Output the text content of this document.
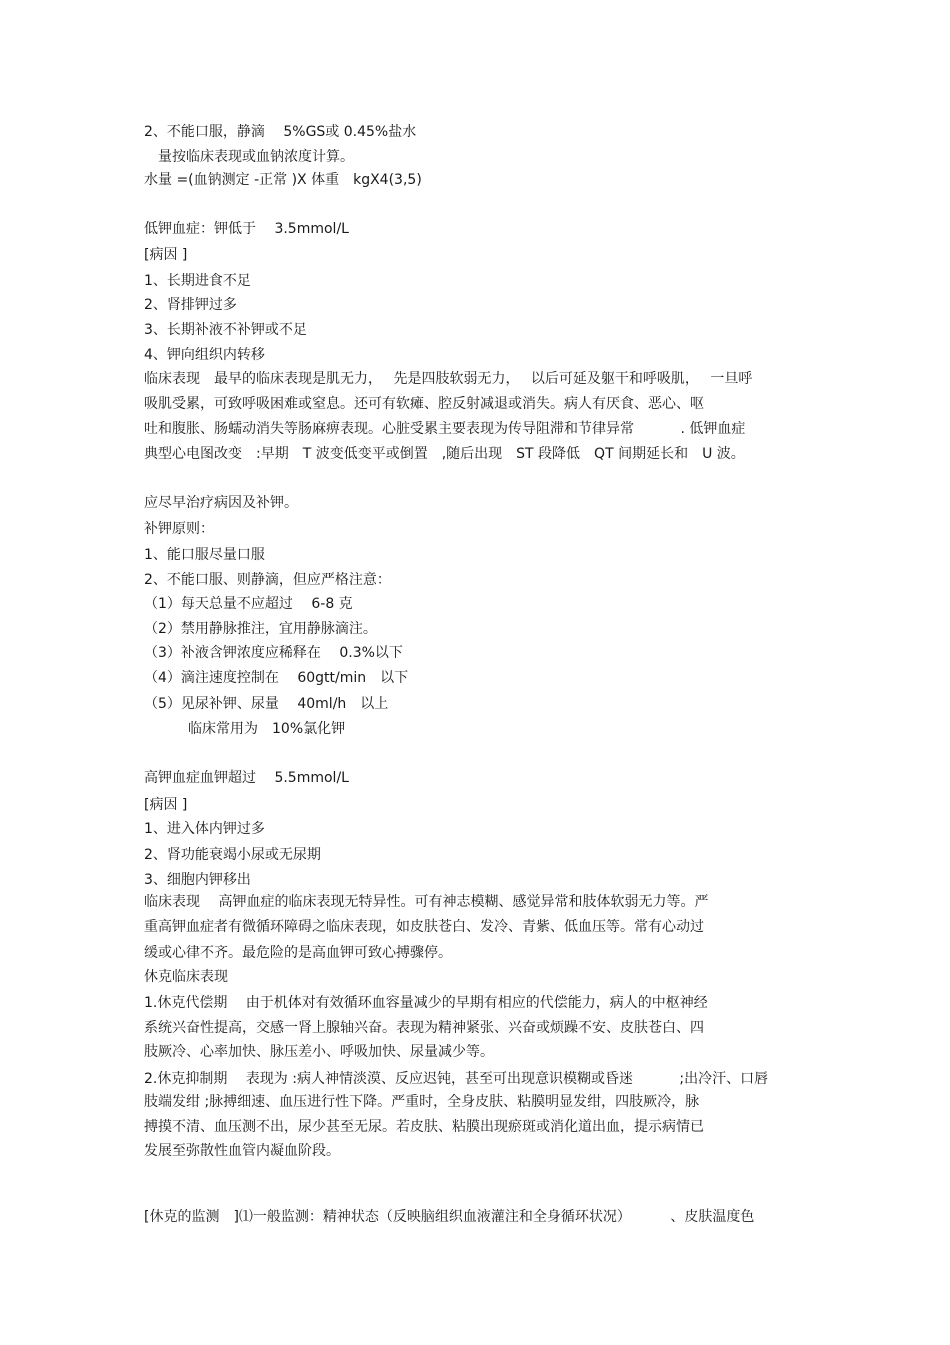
2、不能口服，静滴　 5%GS或 0.45%盐水

　量按临床表现或血钠浓度计算。

水量 =(血钠测定 -正常 )X 体重　kgX4(3,5)

低钾血症：钾低于　 3.5mmol/L

[病因 ]

1、长期进食不足

2、肾排钾过多

3、长期补液不补钾或不足

4、钾向组织内转移

临床表现　最早的临床表现是肌无力，　 先是四肢软弱无力，　 以后可延及躯干和呼吸肌，　 一旦呼

吸肌受累，可致呼吸困难或窒息。还可有软瘫、腔反射减退或消失。病人有厌食、恶心、呕

吐和腹胀、肠蠕动消失等肠麻痹表现。心脏受累主要表现为传导阻滞和节律异常　　　 . 低钾血症

典型心电图改变　:早期　T 波变低变平或倒置　,随后出现　ST 段降低　QT 间期延长和　U 波。

应尽早治疗病因及补钾。

补钾原则：

1、能口服尽量口服

2、不能口服、则静滴，但应严格注意：

（1）每天总量不应超过　 6-8 克

（2）禁用静脉推注，宜用静脉滴注。

（3）补液含钾浓度应稀释在　 0.3%以下

（4）滴注速度控制在　 60gtt/min　以下

（5）见尿补钾、尿量　 40ml/h　以上

临床常用为　10%氯化钾

高钾血症血钾超过　 5.5mmol/L

[病因 ]

1、进入体内钾过多

2、肾功能衰竭小尿或无尿期

3、细胞内钾移出

临床表现　 高钾血症的临床表现无特异性。可有神志模糊、感觉异常和肢体软弱无力等。严

重高钾血症者有微循环障碍之临床表现，如皮肤苍白、发冷、青紫、低血压等。常有心动过

缓或心律不齐。最危险的是高血钾可致心搏骤停。

休克临床表现

1.休克代偿期　 由于机体对有效循环血容量减少的早期有相应的代偿能力，病人的中枢神经

系统兴奋性提高，交感一肾上腺轴兴奋。表现为精神紧张、兴奋或烦躁不安、皮肤苍白、四

肢厥冷、心率加快、脉压差小、呼吸加快、尿量减少等。

2.休克抑制期　 表现为 :病人神情淡漠、反应迟钝，甚至可出现意识模糊或昏迷　　　 ;出冷汗、口唇

肢端发绀 ;脉搏细速、血压进行性下降。严重时，全身皮肤、粘膜明显发绀，四肢厥冷，脉

搏摸不清、血压测不出，尿少甚至无尿。若皮肤、粘膜出现瘀斑或消化道出血，提示病情已

发展至弥散性血管内凝血阶段。

[休克的监测　]⑴一般监测：精神状态（反映脑组织血液灌注和全身循环状况）　　　 、皮肤温度色
